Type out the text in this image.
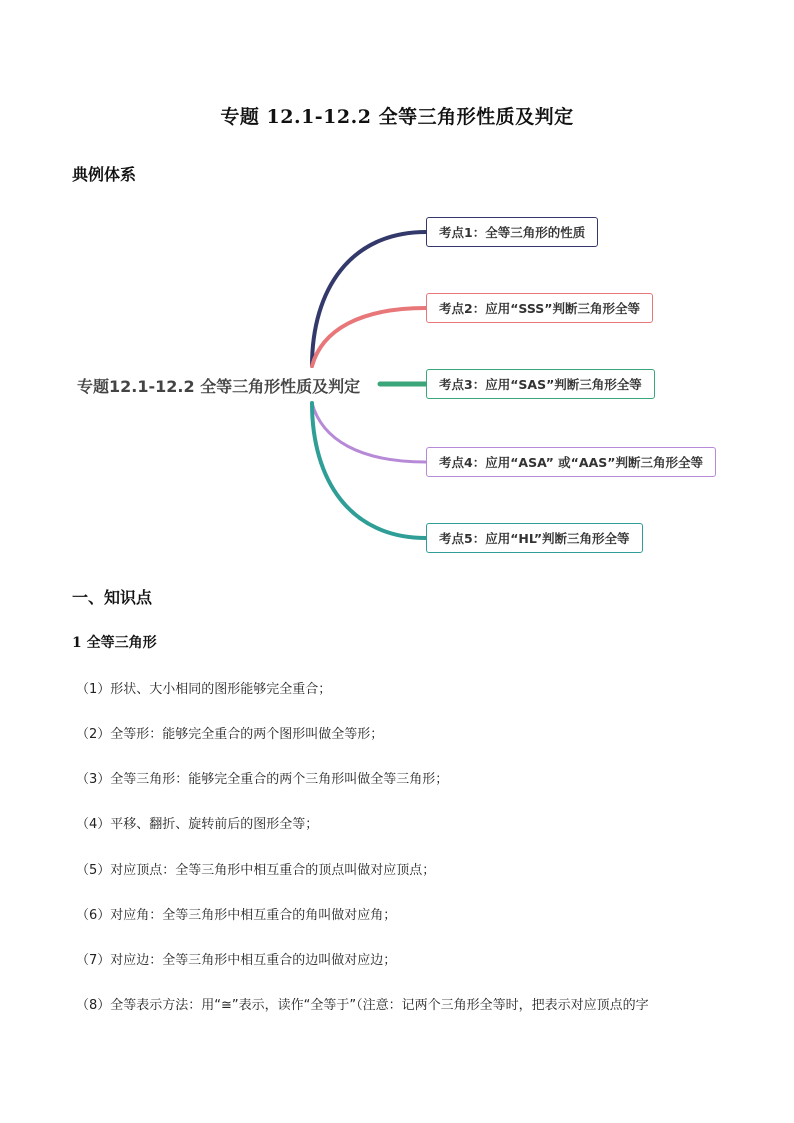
专题 12.1-12.2 全等三角形性质及判定
典例体系
专题12.1-12.2 全等三角形性质及判定
考点1：全等三角形的性质
考点2：应用“SSS”判断三角形全等
考点3：应用“SAS”判断三角形全等
考点4：应用“ASA” 或“AAS”判断三角形全等
考点5：应用“HL”判断三角形全等
一、知识点
1 全等三角形
（1）形状、大小相同的图形能够完全重合；
（2）全等形：能够完全重合的两个图形叫做全等形；
（3）全等三角形：能够完全重合的两个三角形叫做全等三角形；
（4）平移、翻折、旋转前后的图形全等；
（5）对应顶点：全等三角形中相互重合的顶点叫做对应顶点；
（6）对应角：全等三角形中相互重合的角叫做对应角；
（7）对应边：全等三角形中相互重合的边叫做对应边；
（8）全等表示方法：用“≅”表示，读作“全等于”（注意：记两个三角形全等时，把表示对应顶点的字
